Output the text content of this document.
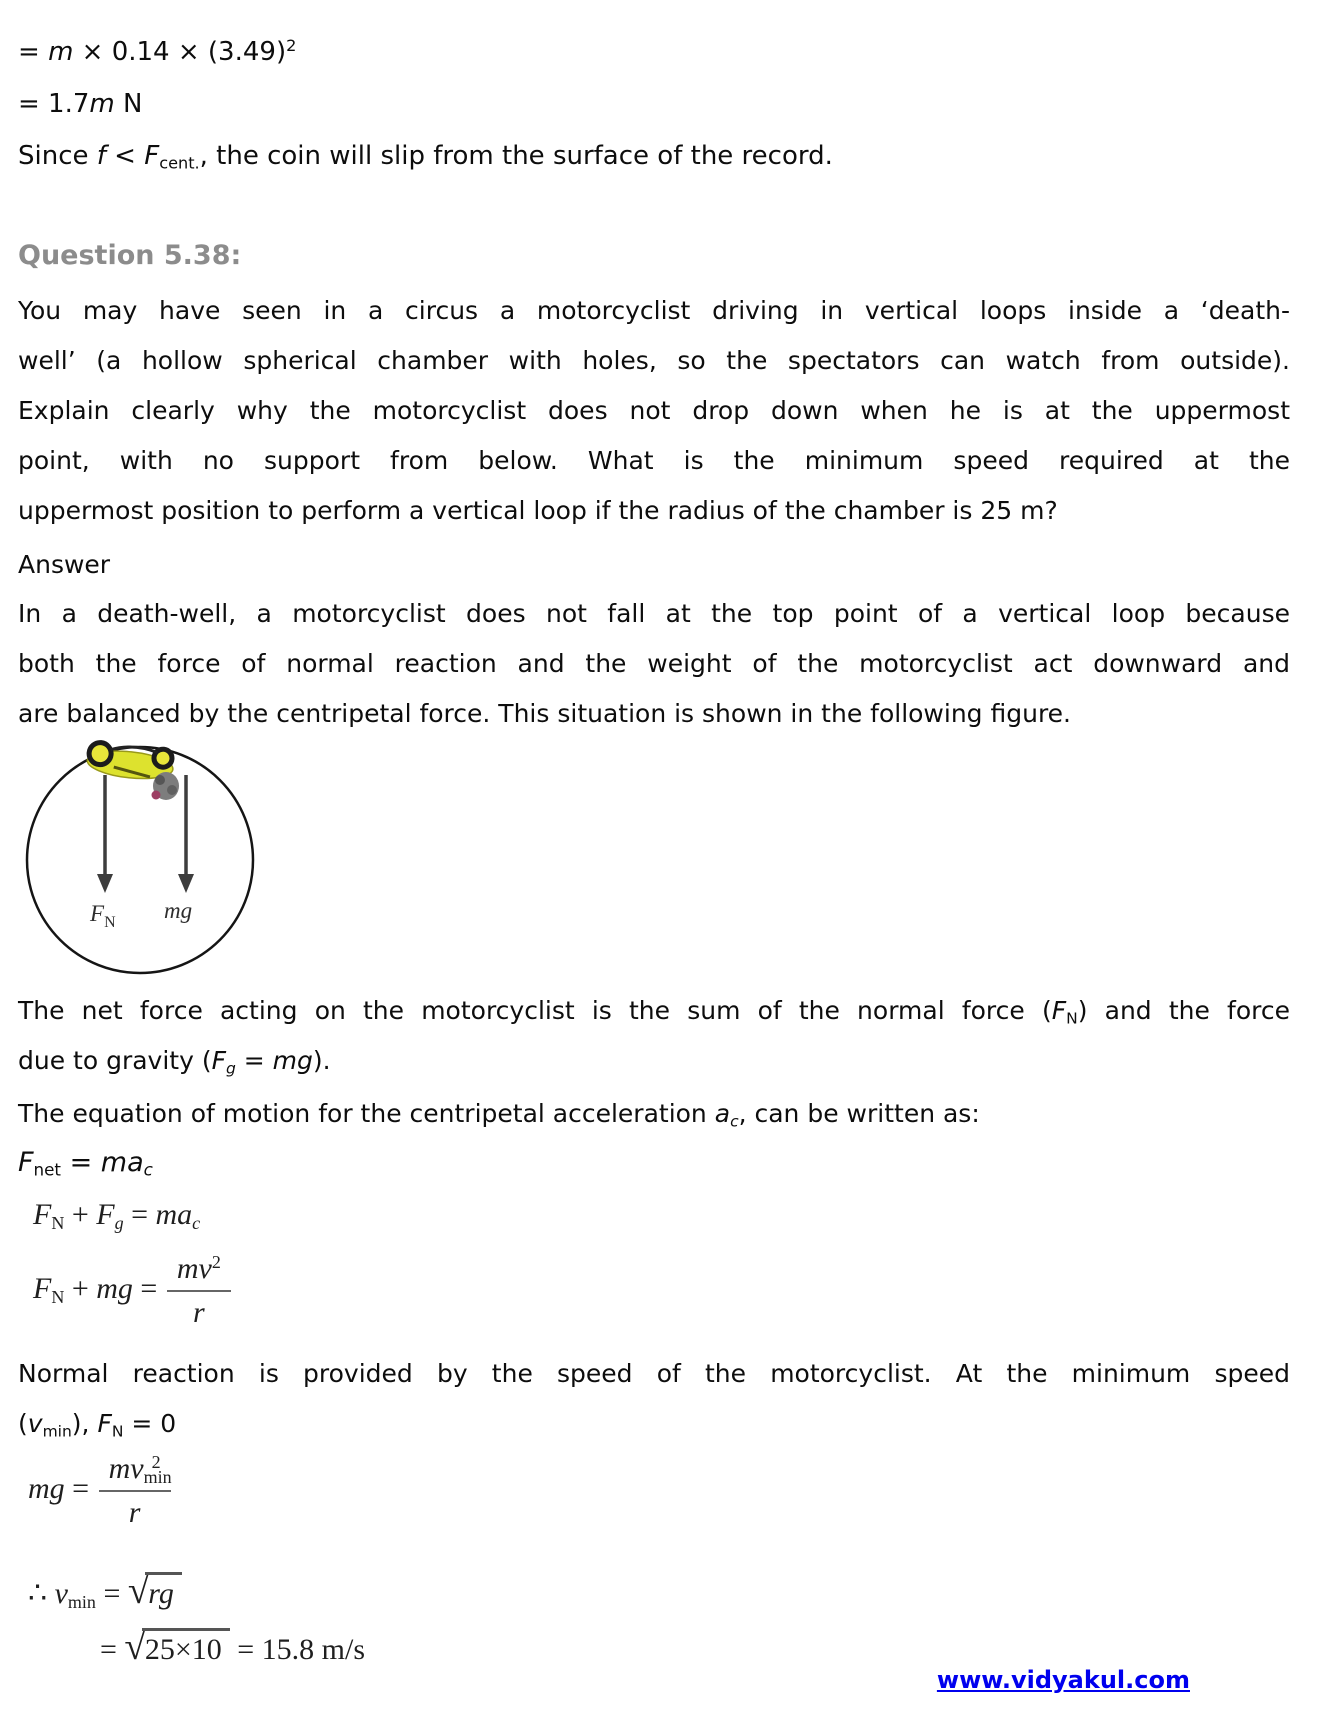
= $m \times 0.14 \times (3.49)^2$
= 1.7m N
Since $f < F_{cent.}$, the coin will slip from the surface of the record.
Question 5.38:
You may have seen in a circus a motorcyclist driving in vertical loops inside a ‘death-
well’ (a hollow spherical chamber with holes, so the spectators can watch from outside).
Explain clearly why the motorcyclist does not drop down when he is at the uppermost
point, with no support from below. What is the minimum speed required at the
uppermost position to perform a vertical loop if the radius of the chamber is 25 m?
Answer
In a death-well, a motorcyclist does not fall at the top point of a vertical loop because
both the force of normal reaction and the weight of the motorcyclist act downward and
are balanced by the centripetal force. This situation is shown in the following figure.
$F_N$ mg
The net force acting on the motorcyclist is the sum of the normal force $(F_N)$ and the force
due to gravity $(F_g = mg)$.
The equation of motion for the centripetal acceleration $a_c$, can be written as:
$F_{net} = ma_c$
$F_N + F_g = ma_c$
$F_N$ + mg = $\frac{mv^2}{r}$
Normal reaction is provided by the speed of the motorcyclist. At the minimum speed
$(v_{min})$, $F_N = 0$
mg = $\frac{mv_{min}^2}{r}$
∴ $v_{min} = √rg$
= √25×10 = 15.8 m/s
www.vidyakul.com
